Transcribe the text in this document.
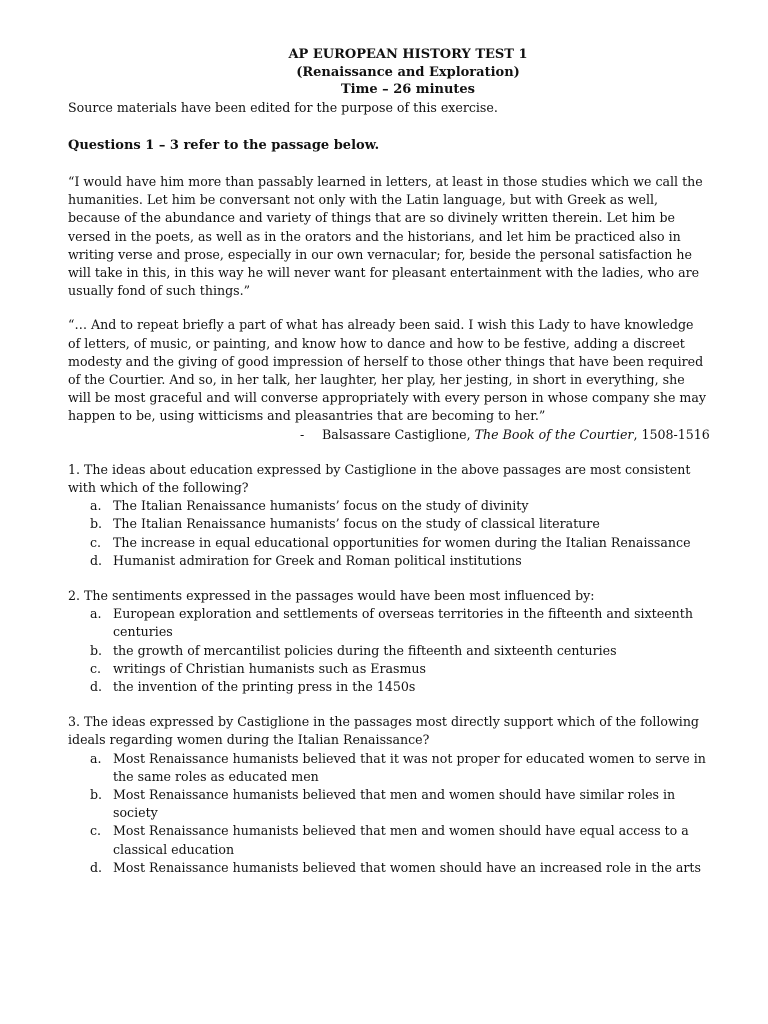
AP EUROPEAN HISTORY TEST 1
(Renaissance and Exploration)
Time – 26 minutes

Source materials have been edited for the purpose of this exercise.

Questions 1 – 3 refer to the passage below.

“I would have him more than passably learned in letters, at least in those studies which we call the humanities. Let him be conversant not only with the Latin language, but with Greek as well, because of the abundance and variety of things that are so divinely written therein. Let him be versed in the poets, as well as in the orators and the historians, and let him be practiced also in writing verse and prose, especially in our own vernacular; for, beside the personal satisfaction he will take in this, in this way he will never want for pleasant entertainment with the ladies, who are usually fond of such things.”

“… And to repeat briefly a part of what has already been said. I wish this Lady to have knowledge of letters, of music, or painting, and know how to dance and how to be festive, adding a discreet modesty and the giving of good impression of herself to those other things that have been required of the Courtier. And so, in her talk, her laughter, her play, her jesting, in short in everything, she will be most graceful and will converse appropriately with every person in whose company she may happen to be, using witticisms and pleasantries that are becoming to her.”

- Balsassare Castiglione, The Book of the Courtier, 1508-1516

1. The ideas about education expressed by Castiglione in the above passages are most consistent with which of the following?

a. The Italian Renaissance humanists’ focus on the study of divinity
b. The Italian Renaissance humanists’ focus on the study of classical literature
c. The increase in equal educational opportunities for women during the Italian Renaissance
d. Humanist admiration for Greek and Roman political institutions

2. The sentiments expressed in the passages would have been most influenced by:

a. European exploration and settlements of overseas territories in the fifteenth and sixteenth centuries
b. the growth of mercantilist policies during the fifteenth and sixteenth centuries
c. writings of Christian humanists such as Erasmus
d. the invention of the printing press in the 1450s

3. The ideas expressed by Castiglione in the passages most directly support which of the following ideals regarding women during the Italian Renaissance?

a. Most Renaissance humanists believed that it was not proper for educated women to serve in the same roles as educated men
b. Most Renaissance humanists believed that men and women should have similar roles in society
c. Most Renaissance humanists believed that men and women should have equal access to a classical education
d. Most Renaissance humanists believed that women should have an increased role in the arts
